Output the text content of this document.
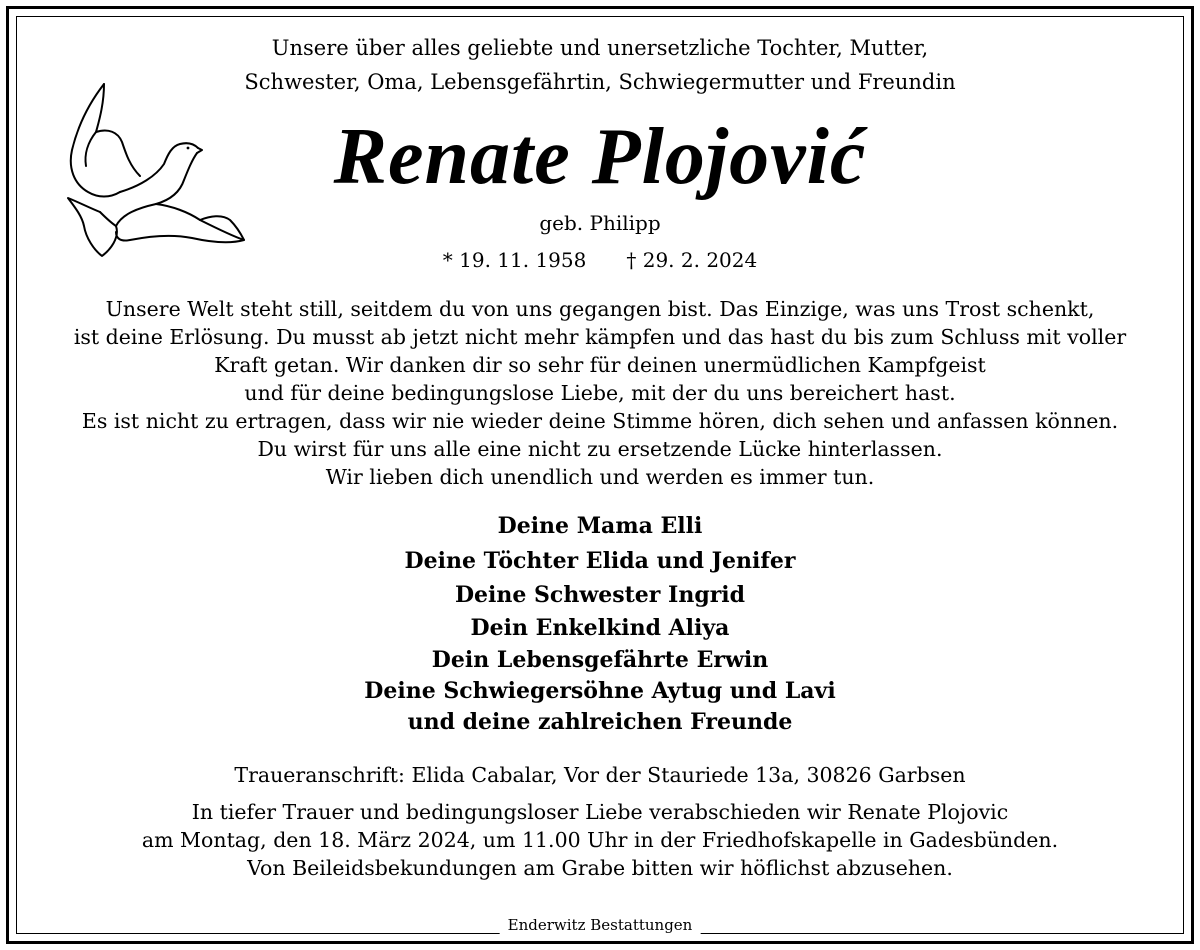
Unsere über alles geliebte und unersetzliche Tochter, Mutter,
Schwester, Oma, Lebensgefährtin, Schwiegermutter und Freundin
Renate Plojović
geb. Philipp
* 19. 11. 1958 † 29. 2. 2024
Unsere Welt steht still, seitdem du von uns gegangen bist. Das Einzige, was uns Trost schenkt,
ist deine Erlösung. Du musst ab jetzt nicht mehr kämpfen und das hast du bis zum Schluss mit voller
Kraft getan. Wir danken dir so sehr für deinen unermüdlichen Kampfgeist
und für deine bedingungslose Liebe, mit der du uns bereichert hast.
Es ist nicht zu ertragen, dass wir nie wieder deine Stimme hören, dich sehen und anfassen können.
Du wirst für uns alle eine nicht zu ersetzende Lücke hinterlassen.
Wir lieben dich unendlich und werden es immer tun.
Deine Mama Elli
Deine Töchter Elida und Jenifer
Deine Schwester Ingrid
Dein Enkelkind Aliya
Dein Lebensgefährte Erwin
Deine Schwiegersöhne Aytug und Lavi
und deine zahlreichen Freunde
Traueranschrift: Elida Cabalar, Vor der Stauriede 13a, 30826 Garbsen
In tiefer Trauer und bedingungsloser Liebe verabschieden wir Renate Plojovic
am Montag, den 18. März 2024, um 11.00 Uhr in der Friedhofskapelle in Gadesbünden.
Von Beileidsbekundungen am Grabe bitten wir höflichst abzusehen.
Enderwitz Bestattungen
